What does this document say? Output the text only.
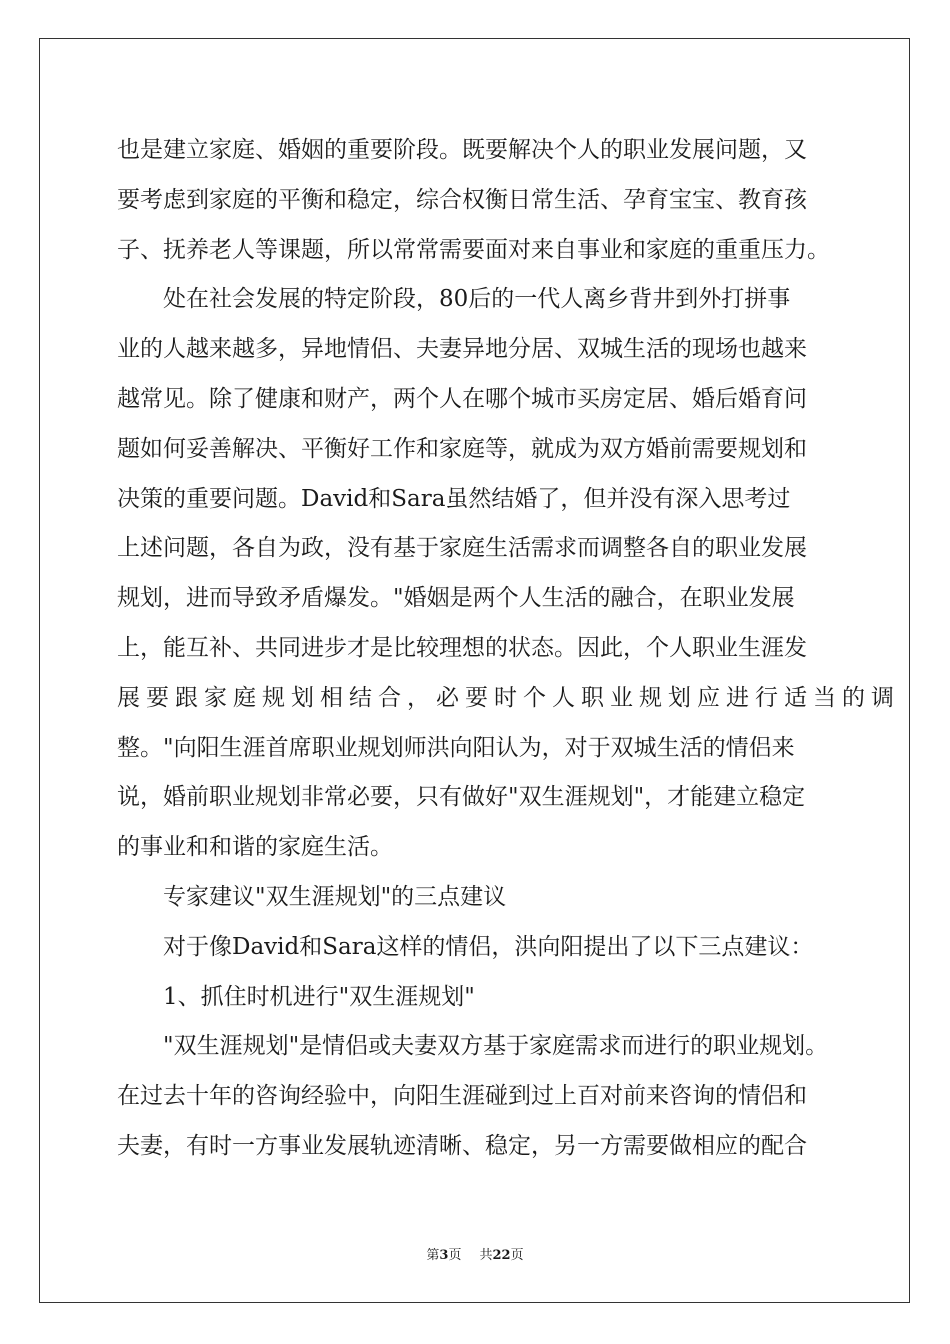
也是建立家庭、婚姻的重要阶段。既要解决个人的职业发展问题，又
要考虑到家庭的平衡和稳定，综合权衡日常生活、孕育宝宝、教育孩
子、抚养老人等课题，所以常常需要面对来自事业和家庭的重重压力。
处在社会发展的特定阶段，80后的一代人离乡背井到外打拼事
业的人越来越多，异地情侣、夫妻异地分居、双城生活的现场也越来
越常见。除了健康和财产，两个人在哪个城市买房定居、婚后婚育问
题如何妥善解决、平衡好工作和家庭等，就成为双方婚前需要规划和
决策的重要问题。David和Sara虽然结婚了，但并没有深入思考过
上述问题，各自为政，没有基于家庭生活需求而调整各自的职业发展
规划，进而导致矛盾爆发。"婚姻是两个人生活的融合，在职业发展
上，能互补、共同进步才是比较理想的状态。因此，个人职业生涯发
展要跟家庭规划相结合，必要时个人职业规划应进行适当的调
整。"向阳生涯首席职业规划师洪向阳认为，对于双城生活的情侣来
说，婚前职业规划非常必要，只有做好"双生涯规划"，才能建立稳定
的事业和和谐的家庭生活。
专家建议"双生涯规划"的三点建议
对于像David和Sara这样的情侣，洪向阳提出了以下三点建议：
1、抓住时机进行"双生涯规划"
"双生涯规划"是情侣或夫妻双方基于家庭需求而进行的职业规划。
在过去十年的咨询经验中，向阳生涯碰到过上百对前来咨询的情侣和
夫妻，有时一方事业发展轨迹清晰、稳定，另一方需要做相应的配合
第3页 共22页
